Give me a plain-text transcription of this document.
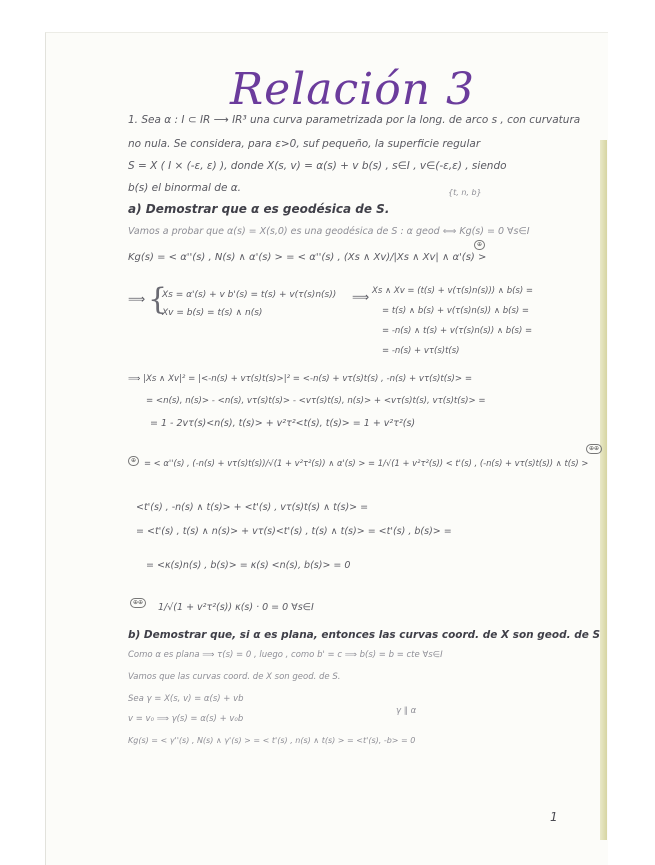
Relación 3
1. Sea α : I ⊂ IR ⟶ IR³ una curva parametrizada por la long. de arco s , con curvatura
no nula. Se considera, para ε>0, suf pequeño, la superficie regular
S = X ( I × (-ε, ε) ), donde X(s, v) = α(s) + v b(s) , s∈I , v∈(-ε,ε) , siendo
b(s) el binormal de α.	{t, n, b}
a) Demostrar que α es geodésica de S.
Vamos a probar que α(s) = X(s,0) es una geodésica de S : α geod ⟺ Kg(s) = 0 ∀s∈I
⊕
Kg(s) = < α''(s) , N(s) ∧ α'(s) > = < α''(s) , (Xs ∧ Xv)/|Xs ∧ Xv| ∧ α'(s) >
⟹ {
Xs = α'(s) + v b'(s) = t(s) + v(τ(s)n(s))
Xv = b(s) = t(s) ∧ n(s)
⟹ Xs ∧ Xv = (t(s) + v(τ(s)n(s))) ∧ b(s) =
= t(s) ∧ b(s) + v(τ(s)n(s)) ∧ b(s) =
= -n(s) ∧ t(s) + v(τ(s)n(s)) ∧ b(s) =
= -n(s) + vτ(s)t(s)
⟹ |Xs ∧ Xv|² = |<-n(s) + vτ(s)t(s)>|² = <-n(s) + vτ(s)t(s) , -n(s) + vτ(s)t(s)> =
= <n(s), n(s)> - <n(s), vτ(s)t(s)> - <vτ(s)t(s), n(s)> + <vτ(s)t(s), vτ(s)t(s)> =
= 1 - 2vτ(s)<n(s), t(s)> + v²τ²<t(s), t(s)> = 1 + v²τ²(s)
⊕
⊕⊕
= < α''(s) , (-n(s) + vτ(s)t(s))/√(1 + v²τ²(s)) ∧ α'(s) > = 1/√(1 + v²τ²(s)) < t'(s) , (-n(s) + vτ(s)t(s)) ∧ t(s) >
<t'(s) , -n(s) ∧ t(s)> + <t'(s) , vτ(s)t(s) ∧ t(s)> =
= <t'(s) , t(s) ∧ n(s)> + vτ(s)<t'(s) , t(s) ∧ t(s)> = <t'(s) , b(s)> =
= <κ(s)n(s) , b(s)> = κ(s) <n(s), b(s)> = 0
⊕⊕	1/√(1 + v²τ²(s)) κ(s) · 0 = 0 ∀s∈I
b) Demostrar que, si α es plana, entonces las curvas coord. de X son geod. de S
Como α es plana ⟹ τ(s) = 0 , luego , como b' = c ⟹ b(s) = b = cte ∀s∈I
Vamos que las curvas coord. de X son geod. de S.
Sea γ = X(s, v) = α(s) + vb
v = v₀ ⟹ γ(s) = α(s) + v₀b
γ ∥ α
Kg(s) = < γ''(s) , N(s) ∧ γ'(s) > = < t'(s) , n(s) ∧ t(s) > = <t'(s), -b> = 0
1
